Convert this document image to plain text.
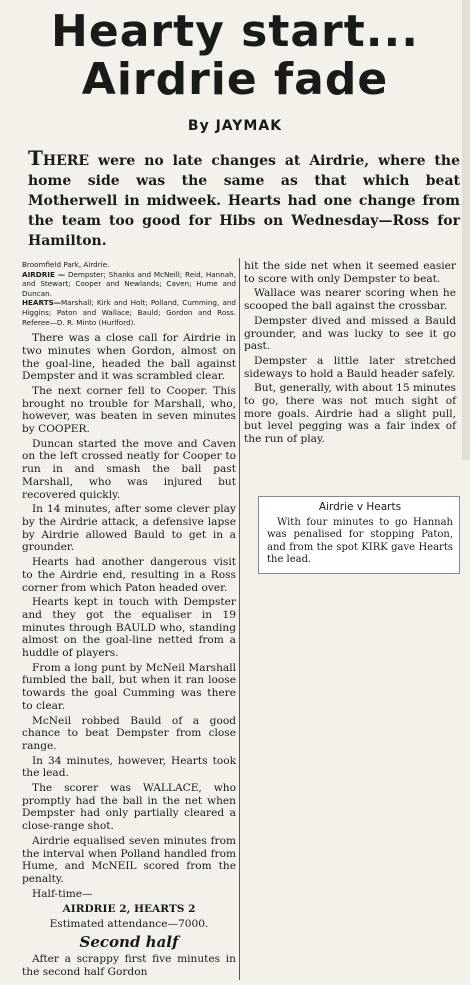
Hearty start...
Airdrie fade
By JAYMAK
THERE were no late changes at Airdrie, where the home side was the same as that which beat Motherwell in midweek. Hearts had one change from the team too good for Hibs on Wednesday—Ross for Hamilton.

Broomfield Park, Airdrie.
AIRDRIE — Dempster; Shanks and McNeill; Reid, Hannah, and Stewart; Cooper and Newlands; Caven; Hume and Duncan.
HEARTS—Marshall; Kirk and Holt; Polland, Cumming, and Higgins; Paton and Wallace; Bauld; Gordon and Ross. Referee—D. R. Minto (Hurlford).

There was a close call for Airdrie in two minutes when Gordon, almost on the goal-line, headed the ball against Dempster and it was scrambled clear.

The next corner fell to Cooper. This brought no trouble for Marshall, who, however, was beaten in seven minutes by COOPER.

Duncan started the move and Caven on the left crossed neatly for Cooper to run in and smash the ball past Marshall, who was injured but recovered quickly.

In 14 minutes, after some clever play by the Airdrie attack, a defensive lapse by Airdrie allowed Bauld to get in a grounder.

Hearts had another dangerous visit to the Airdrie end, resulting in a Ross corner from which Paton headed over.

Hearts kept in touch with Dempster and they got the equaliser in 19 minutes through BAULD who, standing almost on the goal-line netted from a huddle of players.

From a long punt by McNeil Marshall fumbled the ball, but when it ran loose towards the goal Cumming was there to clear.

McNeil robbed Bauld of a good chance to beat Dempster from close range.

In 34 minutes, however, Hearts took the lead.

The scorer was WALLACE, who promptly had the ball in the net when Dempster had only partially cleared a close-range shot.

Airdrie equalised seven minutes from the interval when Polland handled from Hume, and McNEIL scored from the penalty.

Half-time—

AIRDRIE 2, HEARTS 2

Estimated attendance—7000.

Second half

After a scrappy first five minutes in the second half Gordon

hit the side net when it seemed easier to score with only Dempster to beat.

Wallace was nearer scoring when he scooped the ball against the crossbar.

Dempster dived and missed a Bauld grounder, and was lucky to see it go past.

Dempster a little later stretched sideways to hold a Bauld header safely.

But, generally, with about 15 minutes to go, there was not much sight of more goals. Airdrie had a slight pull, but level pegging was a fair index of the run of play.

Airdrie v Hearts
With four minutes to go Hannah was penalised for stopping Paton, and from the spot KIRK gave Hearts the lead.
